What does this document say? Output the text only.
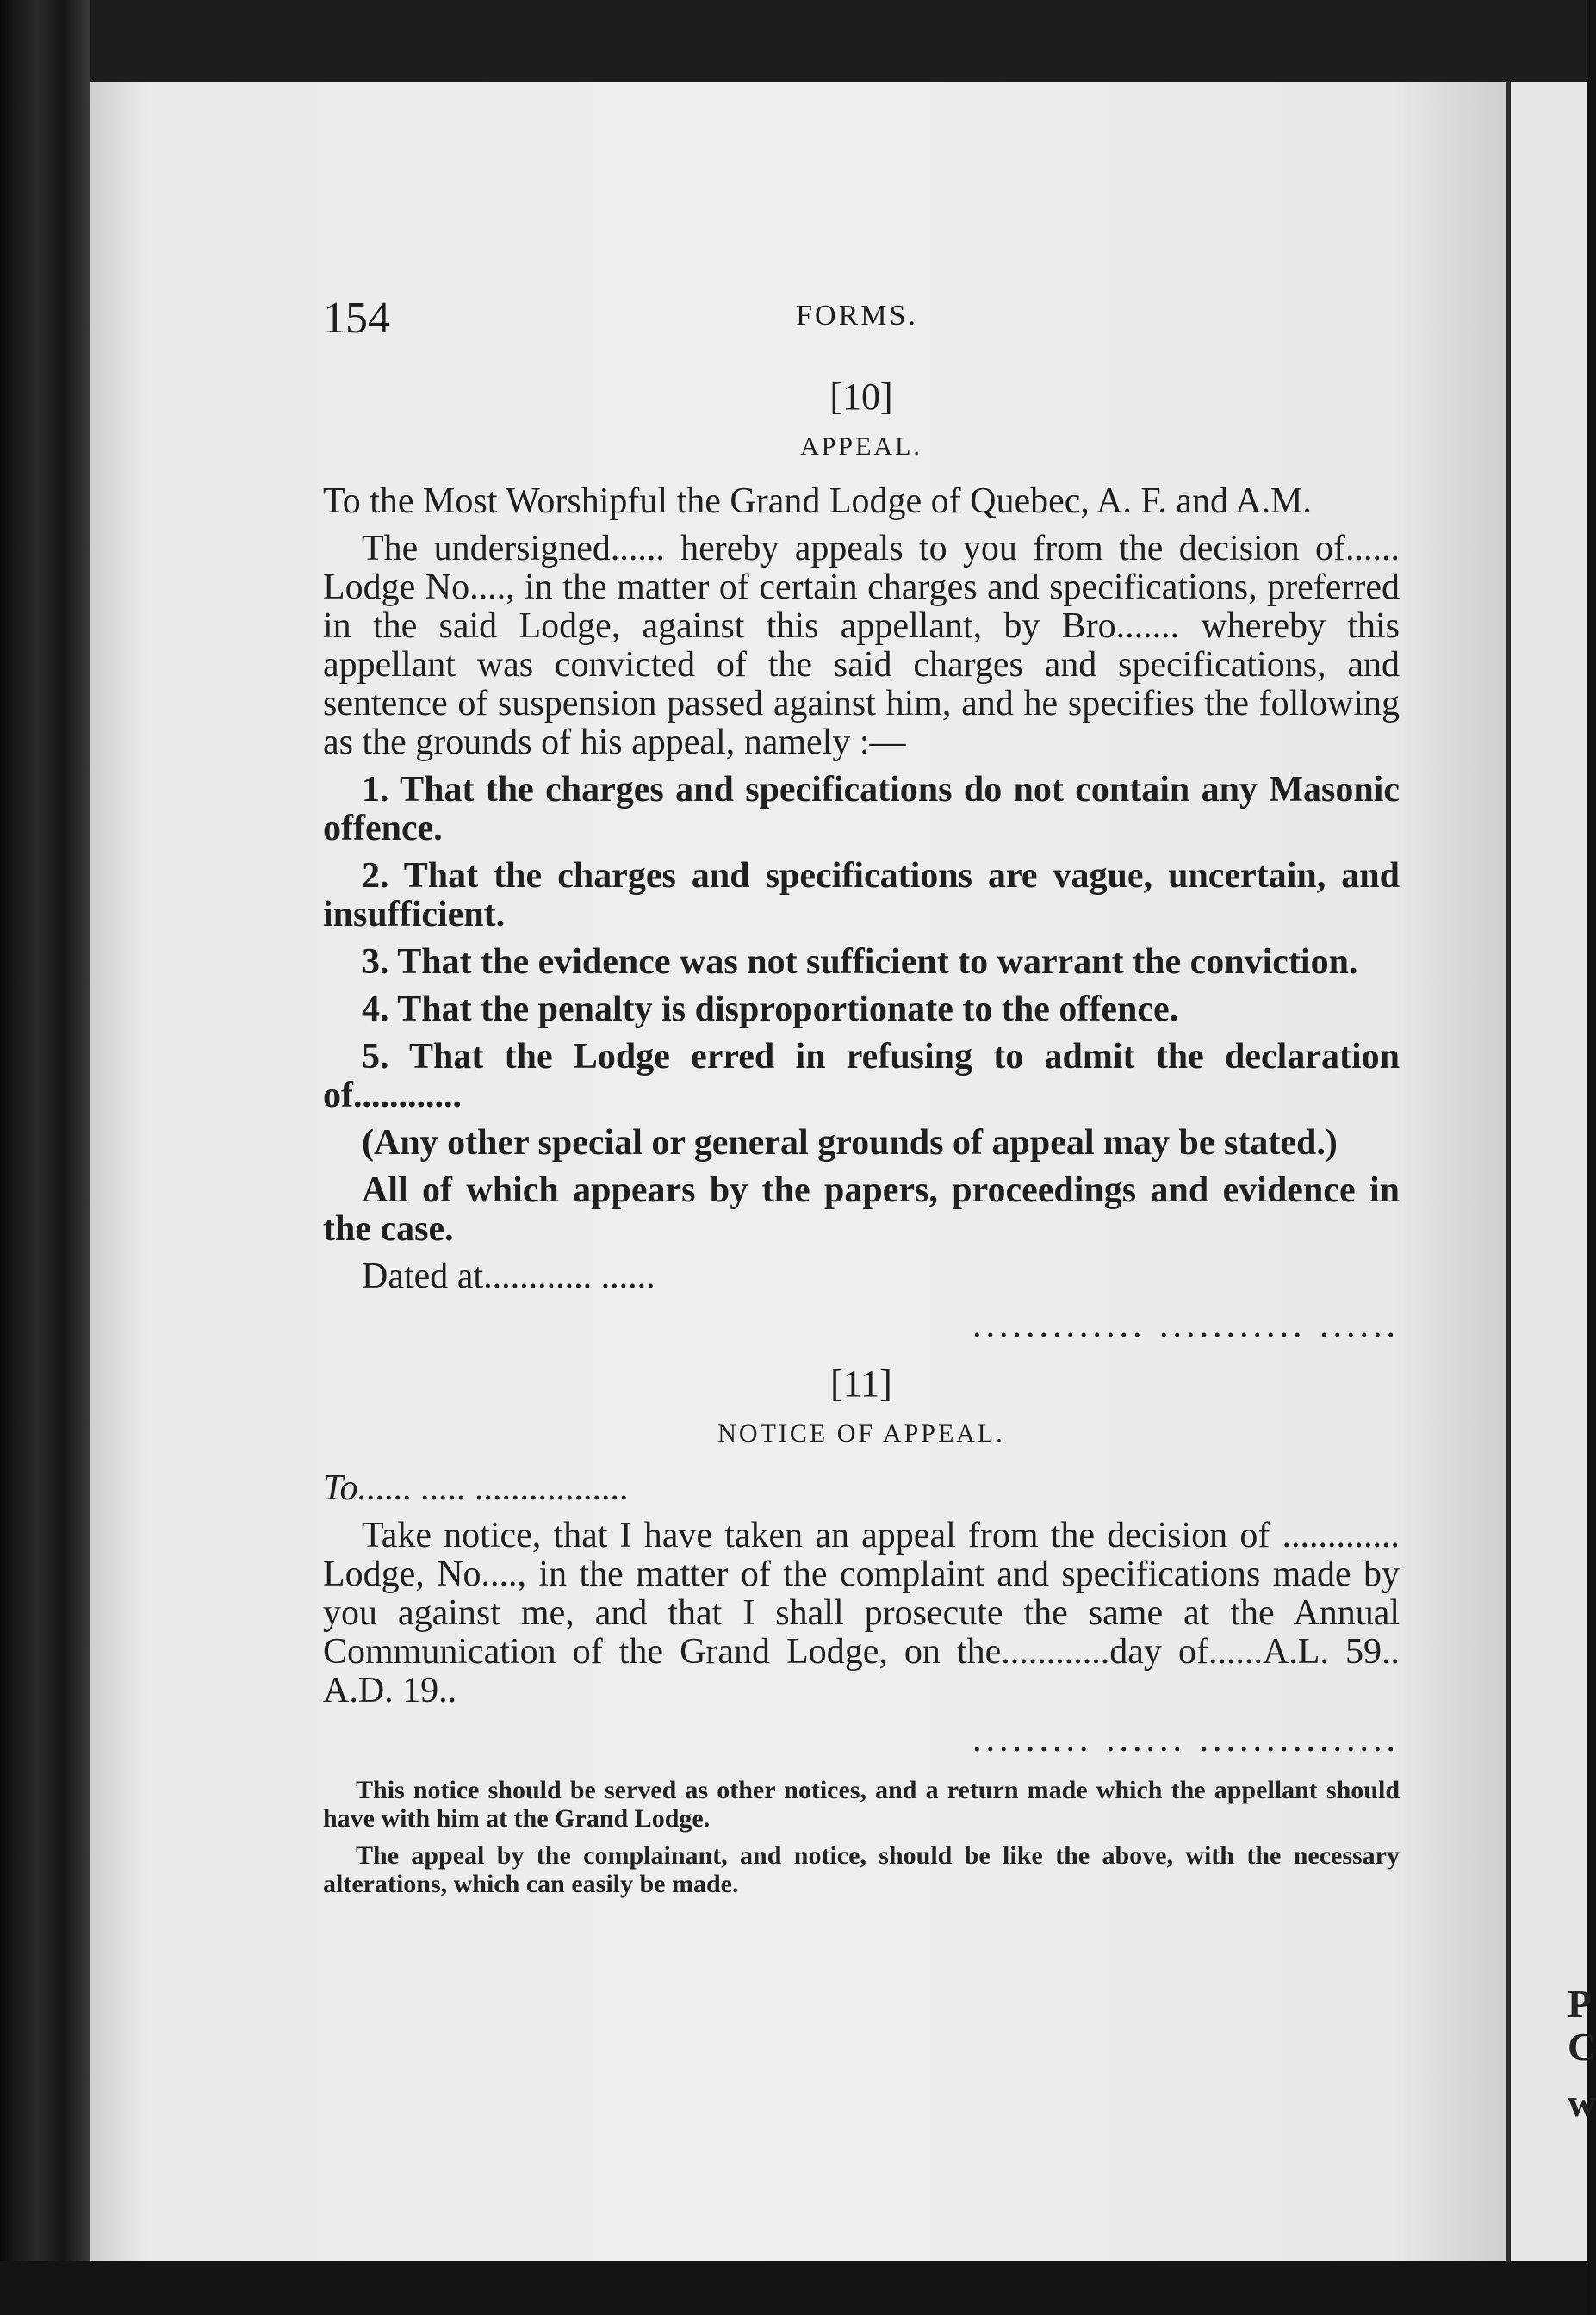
P
C
w
154	FORMS.

[10]

APPEAL.

To the Most Worshipful the Grand Lodge of Quebec, A. F. and A.M.

The undersigned...... hereby appeals to you from the decision of...... Lodge No...., in the matter of certain charges and specifications, preferred in the said Lodge, against this appellant, by Bro....... whereby this appellant was convicted of the said charges and specifications, and sentence of suspension passed against him, and he specifies the following as the grounds of his appeal, namely :—

1. That the charges and specifications do not contain any Masonic offence.

2. That the charges and specifications are vague, uncertain, and insufficient.

3. That the evidence was not sufficient to warrant the conviction.

4. That the penalty is disproportionate to the offence.

5. That the Lodge erred in refusing to admit the declaration of............

(Any other special or general grounds of appeal may be stated.)

All of which appears by the papers, proceedings and evidence in the case.

Dated at............ ......

............. ........... ......

[11]

NOTICE OF APPEAL.

To...... ..... .................

Take notice, that I have taken an appeal from the decision of ............. Lodge, No...., in the matter of the complaint and specifications made by you against me, and that I shall prosecute the same at the Annual Communication of the Grand Lodge, on the............day of......A.L. 59.. A.D. 19..

......... ...... ...............

This notice should be served as other notices, and a return made which the appellant should have with him at the Grand Lodge.

The appeal by the complainant, and notice, should be like the above, with the necessary alterations, which can easily be made.
